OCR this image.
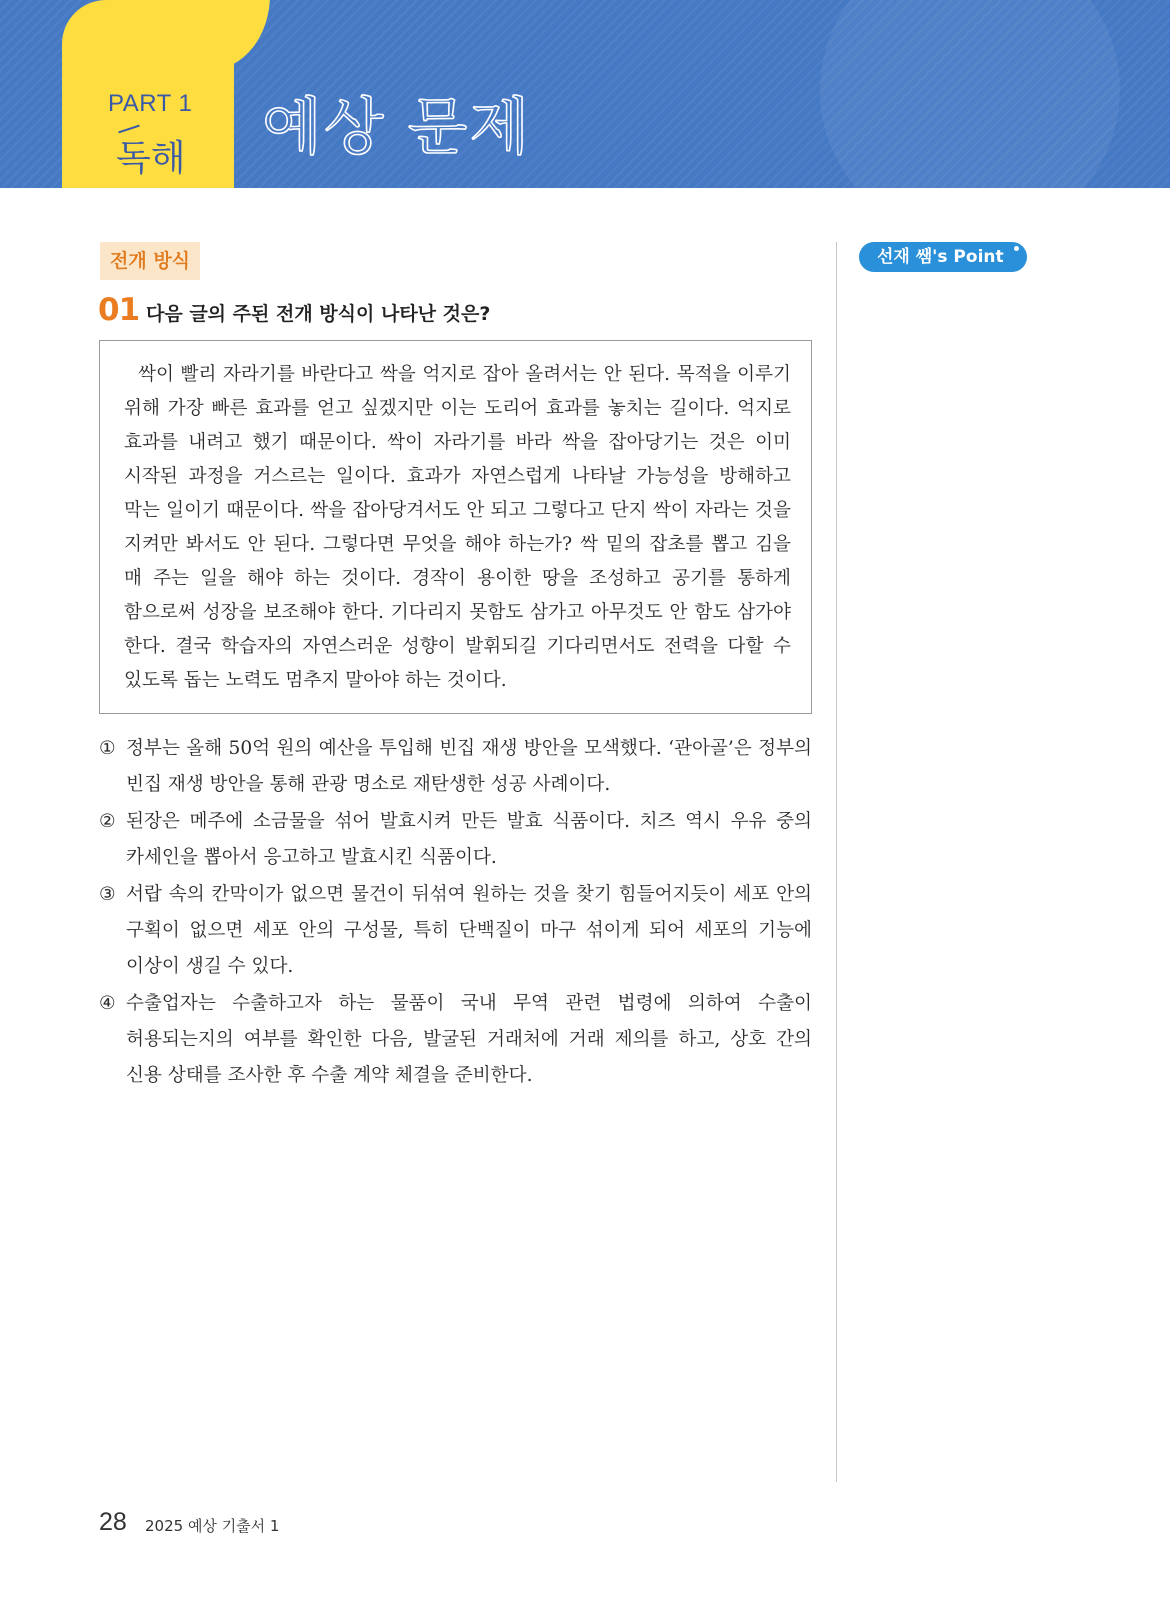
PART 1
독해 예상 문제
선재 쌤's Point
전개 방식
01 다음 글의 주된 전개 방식이 나타난 것은?

싹이 빨리 자라기를 바란다고 싹을 억지로 잡아 올려서는 안 된다. 목적을 이루기 위해 가장 빠른 효과를 얻고 싶겠지만 이는 도리어 효과를 놓치는 길이다. 억지로 효과를 내려고 했기 때문이다. 싹이 자라기를 바라 싹을 잡아당기는 것은 이미 시작된 과정을 거스르는 일이다. 효과가 자연스럽게 나타날 가능성을 방해하고 막는 일이기 때문이다. 싹을 잡아당겨서도 안 되고 그렇다고 단지 싹이 자라는 것을 지켜만 봐서도 안 된다. 그렇다면 무엇을 해야 하는가? 싹 밑의 잡초를 뽑고 김을 매 주는 일을 해야 하는 것이다. 경작이 용이한 땅을 조성하고 공기를 통하게 함으로써 성장을 보조해야 한다. 기다리지 못함도 삼가고 아무것도 안 함도 삼가야 한다. 결국 학습자의 자연스러운 성향이 발휘되길 기다리면서도 전력을 다할 수 있도록 돕는 노력도 멈추지 말아야 하는 것이다.

① 정부는 올해 50억 원의 예산을 투입해 빈집 재생 방안을 모색했다. ‘관아골’은 정부의 빈집 재생 방안을 통해 관광 명소로 재탄생한 성공 사례이다.
② 된장은 메주에 소금물을 섞어 발효시켜 만든 발효 식품이다. 치즈 역시 우유 중의 카세인을 뽑아서 응고하고 발효시킨 식품이다.
③ 서랍 속의 칸막이가 없으면 물건이 뒤섞여 원하는 것을 찾기 힘들어지듯이 세포 안의 구획이 없으면 세포 안의 구성물, 특히 단백질이 마구 섞이게 되어 세포의 기능에 이상이 생길 수 있다.
④ 수출업자는 수출하고자 하는 물품이 국내 무역 관련 법령에 의하여 수출이 허용되는지의 여부를 확인한 다음, 발굴된 거래처에 거래 제의를 하고, 상호 간의 신용 상태를 조사한 후 수출 계약 체결을 준비한다.
28 2025 예상 기출서 1
